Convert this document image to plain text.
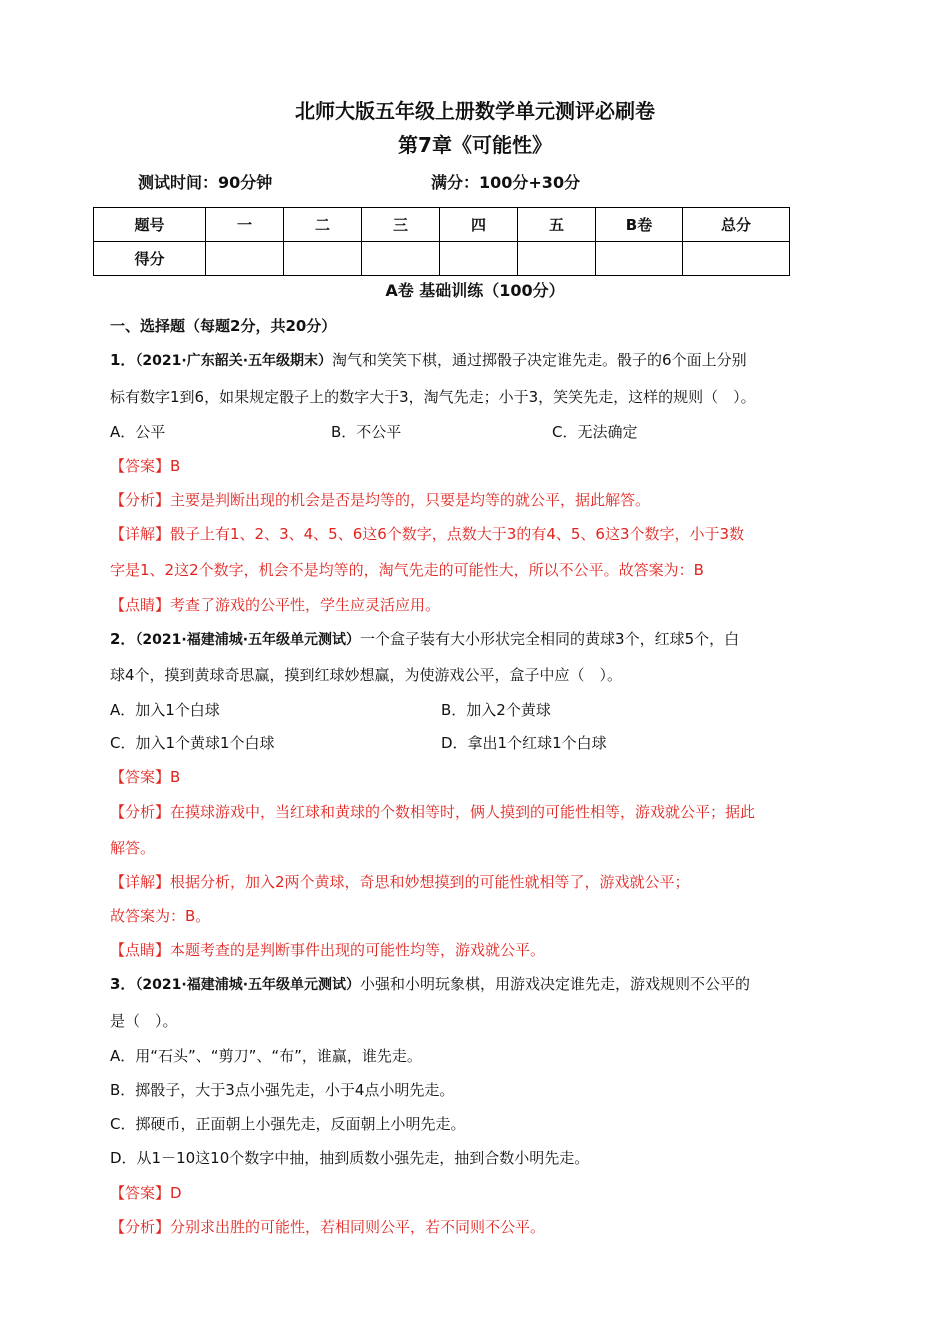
北师大版五年级上册数学单元测评必刷卷
第7章《可能性》
测试时间：90分钟	满分：100分+30分
题号	一	二	三	四	五	B卷	总分
得分							
A卷 基础训练（100分）
一、选择题（每题2分，共20分）
1．（2021·广东韶关·五年级期末）淘气和笑笑下棋，通过掷骰子决定谁先走。骰子的6个面上分别
标有数字1到6，如果规定骰子上的数字大于3，淘气先走；小于3，笑笑先走，这样的规则（　）。
A．公平	B．不公平	C．无法确定
【答案】B
【分析】主要是判断出现的机会是否是均等的，只要是均等的就公平，据此解答。
【详解】骰子上有1、2、3、4、5、6这6个数字，点数大于3的有4、5、6这3个数字，小于3数
字是1、2这2个数字，机会不是均等的，淘气先走的可能性大，所以不公平。故答案为：B
【点睛】考查了游戏的公平性，学生应灵活应用。
2．（2021·福建浦城·五年级单元测试）一个盒子装有大小形状完全相同的黄球3个，红球5个，白
球4个，摸到黄球奇思赢，摸到红球妙想赢，为使游戏公平，盒子中应（　）。
A．加入1个白球	B．加入2个黄球
C．加入1个黄球1个白球	D．拿出1个红球1个白球
【答案】B
【分析】在摸球游戏中，当红球和黄球的个数相等时，俩人摸到的可能性相等，游戏就公平；据此
解答。
【详解】根据分析，加入2两个黄球，奇思和妙想摸到的可能性就相等了，游戏就公平；
故答案为：B。
【点睛】本题考查的是判断事件出现的可能性均等，游戏就公平。
3．（2021·福建浦城·五年级单元测试）小强和小明玩象棋，用游戏决定谁先走，游戏规则不公平的
是（　）。
A．用“石头”、“剪刀”、“布”，谁赢，谁先走。
B．掷骰子，大于3点小强先走，小于4点小明先走。
C．掷硬币，正面朝上小强先走，反面朝上小明先走。
D．从1－10这10个数字中抽，抽到质数小强先走，抽到合数小明先走。
【答案】D
【分析】分别求出胜的可能性，若相同则公平，若不同则不公平。
